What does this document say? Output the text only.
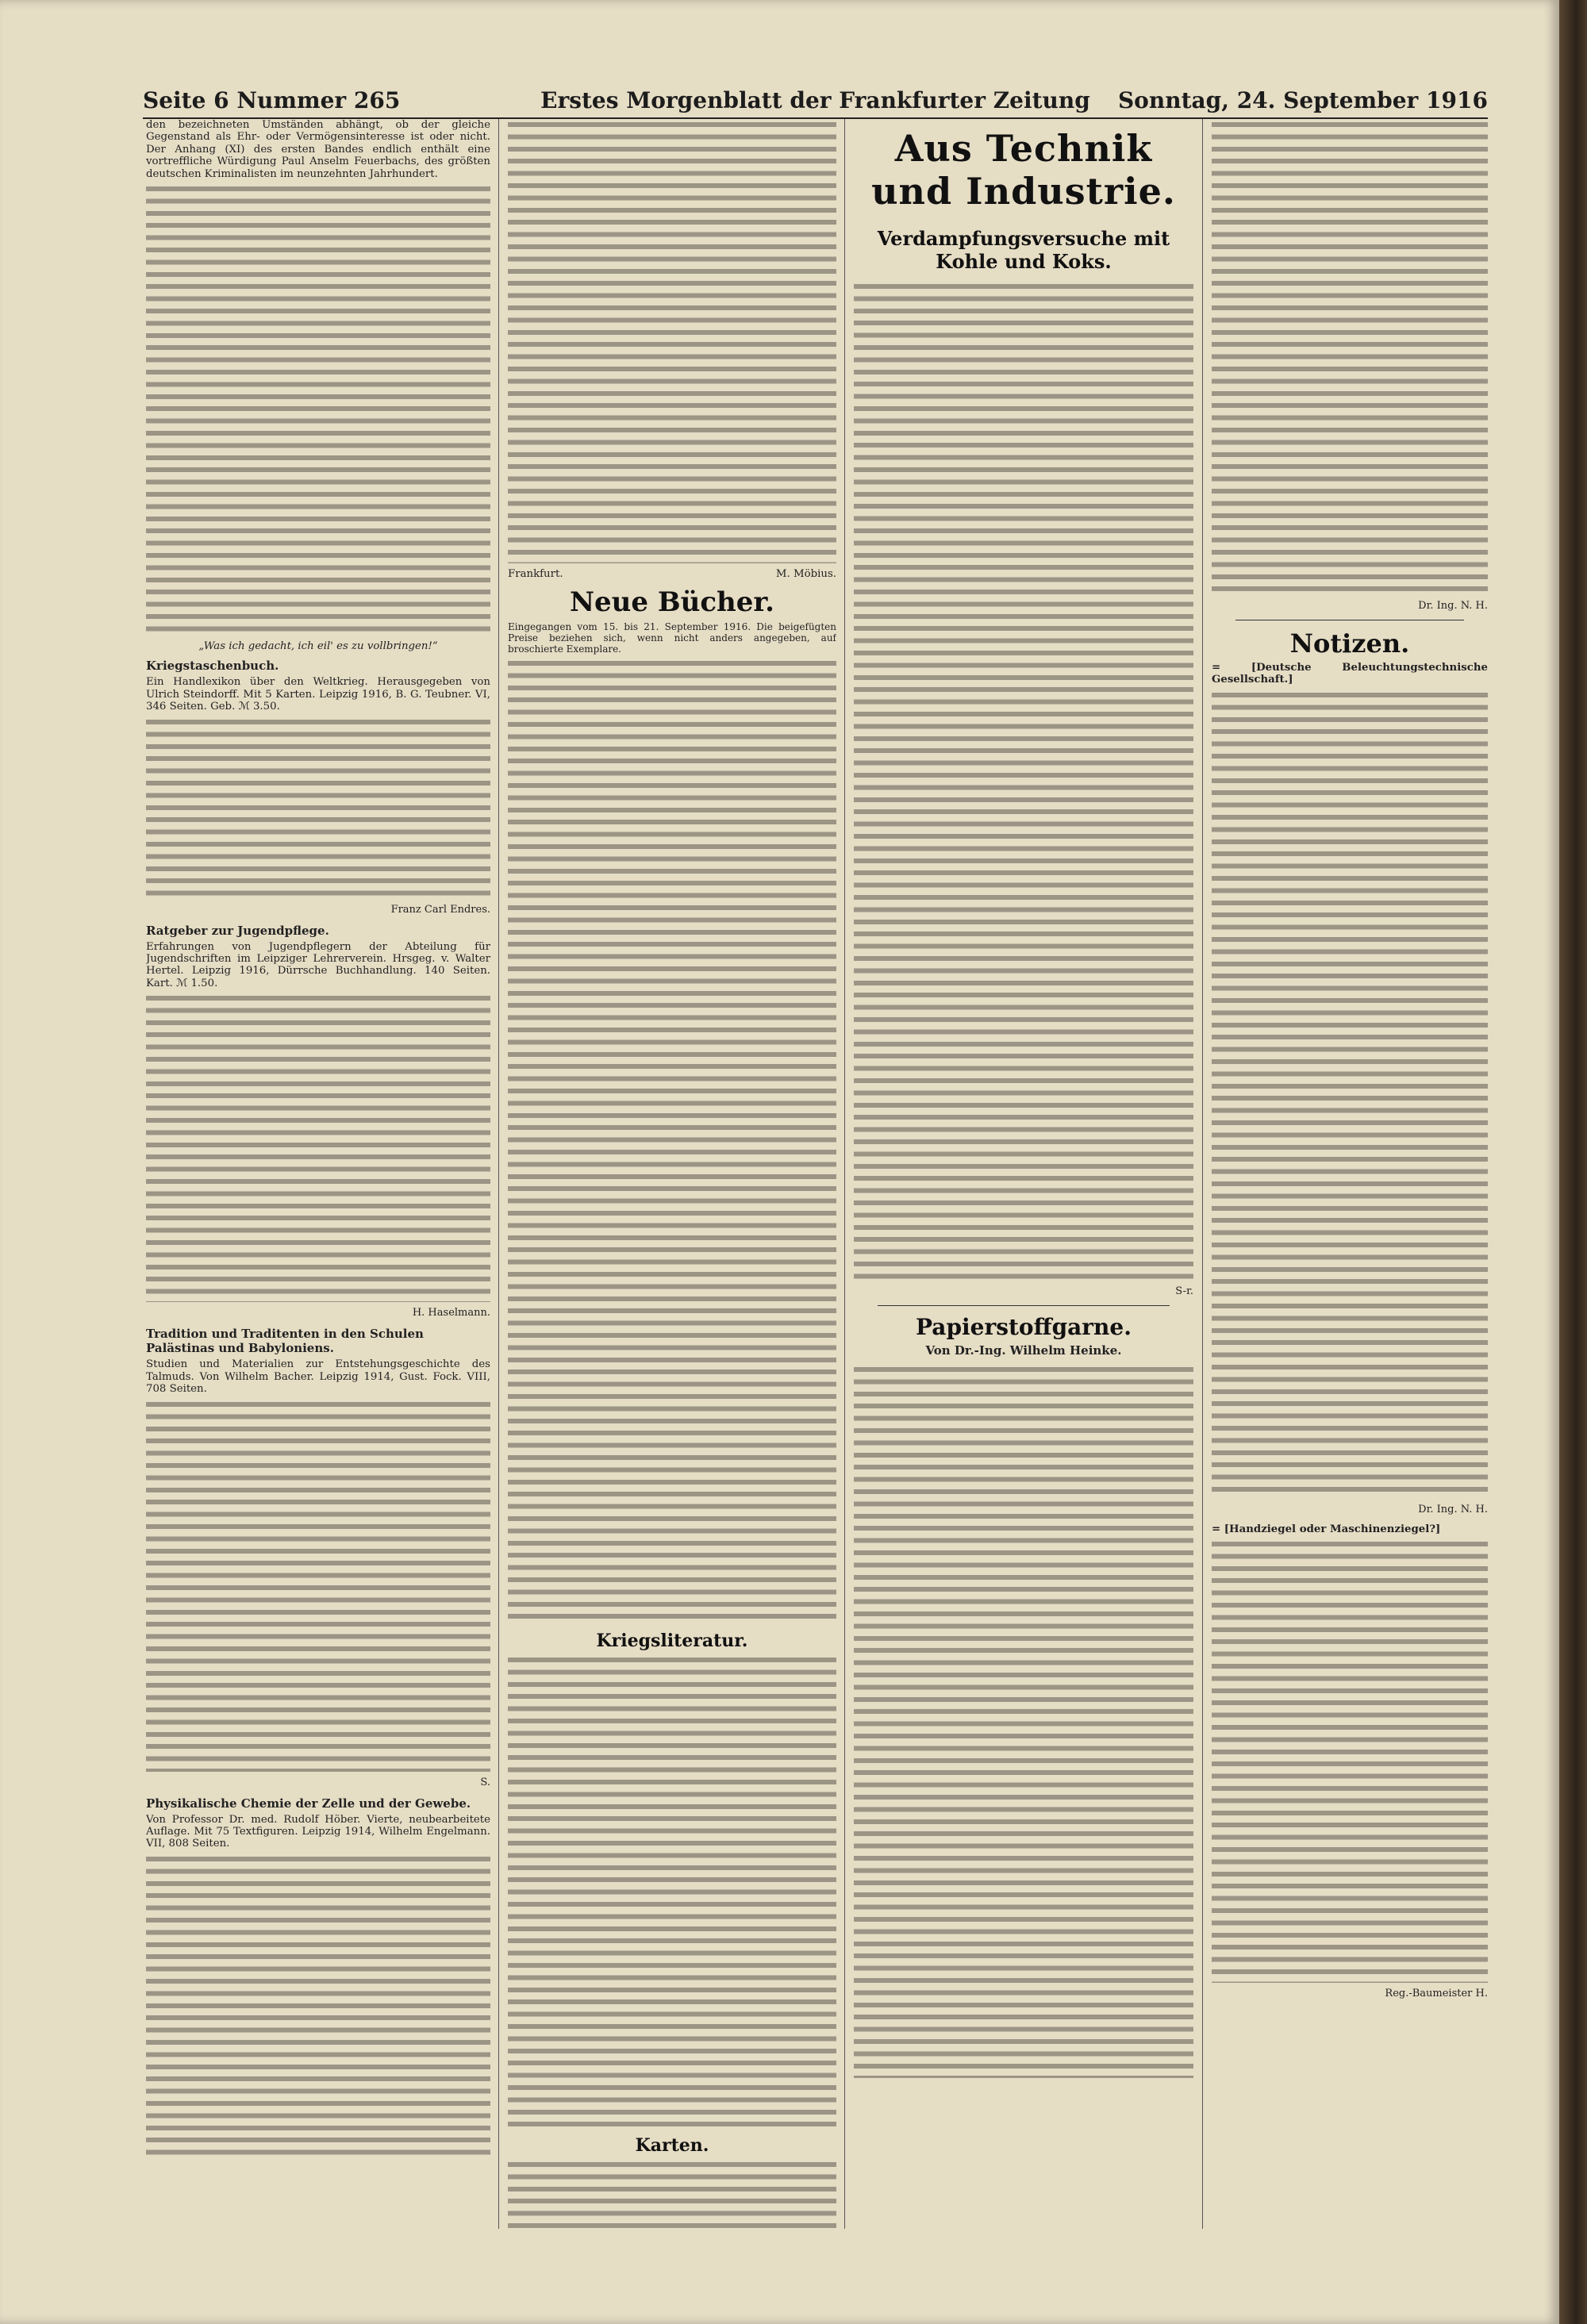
Seite 6 Nummer 265	Erstes Morgenblatt der Frankfurter Zeitung	Sonntag, 24. September 1916

den bezeichneten Umständen abhängt, ob der gleiche Gegenstand als Ehr- oder Vermögensinteresse ist oder nicht. Der Anhang (XI) des ersten Bandes endlich enthält eine vortreffliche Würdigung Paul Anselm Feuerbachs, des größten deutschen Kriminalisten im neunzehnten Jahrhundert.

„Was ich gedacht, ich eil' es zu vollbringen!“

Kriegstaschenbuch.

Ein Handlexikon über den Weltkrieg. Herausgegeben von Ulrich Steindorff. Mit 5 Karten. Leipzig 1916, B. G. Teubner. VI, 346 Seiten. Geb. ℳ 3.50.

Franz Carl Endres.
Ratgeber zur Jugendpflege.

Erfahrungen von Jugendpflegern der Abteilung für Jugendschriften im Leipziger Lehrerverein. Hrsgeg. v. Walter Hertel. Leipzig 1916, Dürrsche Buchhandlung. 140 Seiten. Kart. ℳ 1.50.

H. Haselmann.
Tradition und Traditenten in den Schulen Palästinas und Babyloniens.

Studien und Materialien zur Entstehungsgeschichte des Talmuds. Von Wilhelm Bacher. Leipzig 1914, Gust. Fock. VIII, 708 Seiten.

S.
Physikalische Chemie der Zelle und der Gewebe.

Von Professor Dr. med. Rudolf Höber. Vierte, neubearbeitete Auflage. Mit 75 Textfiguren. Leipzig 1914, Wilhelm Engelmann. VII, 808 Seiten.

Frankfurt.	M. Möbius.
Neue Bücher.

Eingegangen vom 15. bis 21. September 1916. Die beigefügten Preise beziehen sich, wenn nicht anders angegeben, auf broschierte Exemplare.

Kriegsliteratur.
Karten.
Aus Technik und Industrie.
Verdampfungsversuche mit Kohle und Koks.
S-r.
Papierstoffgarne.
Von Dr.-Ing. Wilhelm Heinke.
Dr. Ing. N. H.
Notizen.

= [Deutsche Beleuchtungstechnische Gesellschaft.]

Dr. Ing. N. H.

= [Handziegel oder Maschinenziegel?]

Reg.-Baumeister H.
